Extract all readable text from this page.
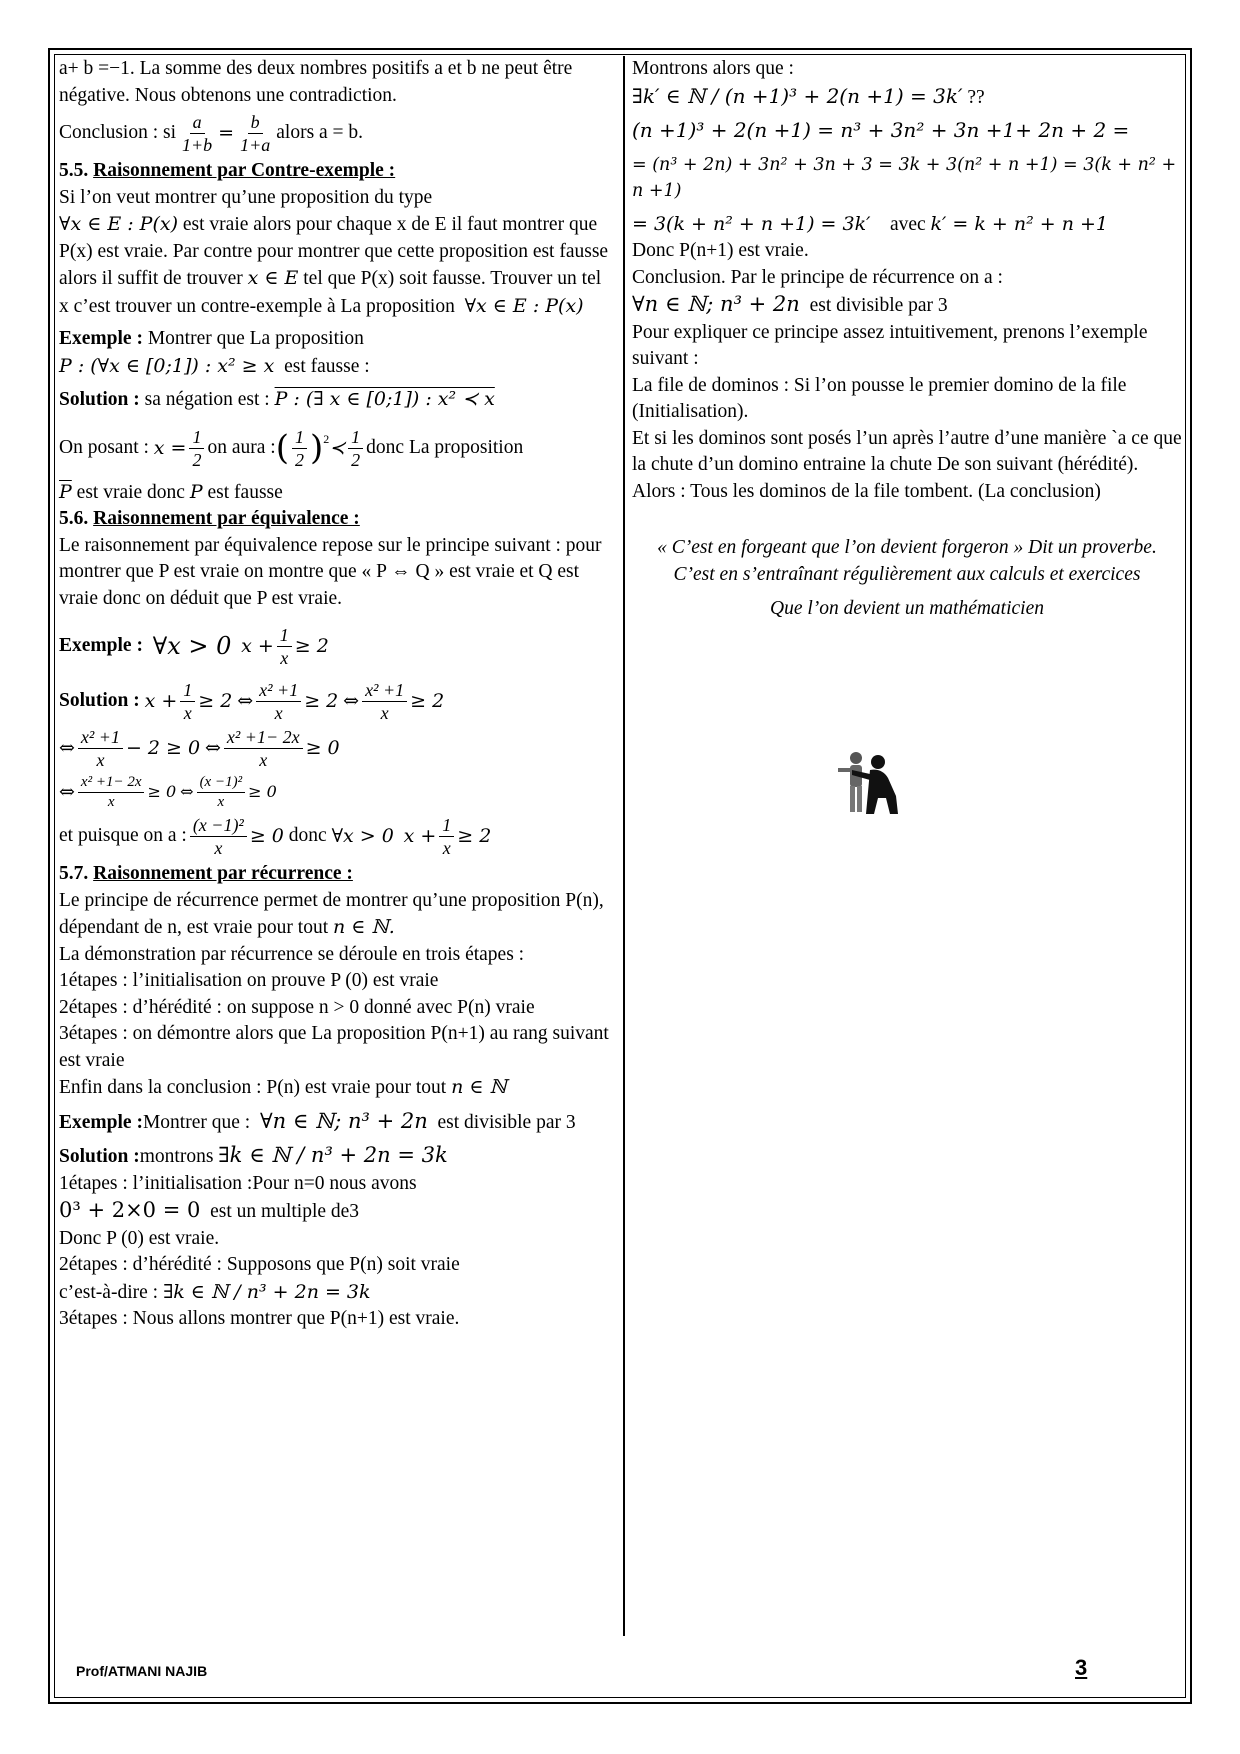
a+ b =−1. La somme des deux nombres positifs a et b ne peut être négative. Nous obtenons une contradiction.

Conclusion : si $\frac{a}{1+b} = \frac{b}{1+a}$ alors a = b.

5.5. Raisonnement par Contre-exemple :

Si l’on veut montrer qu’une proposition du type

∀x ∈ E : P(x) est vraie alors pour chaque x de E il faut montrer que P(x) est vraie. Par contre pour montrer que cette proposition est fausse alors il suffit de trouver x ∈ E tel que P(x) soit fausse. Trouver un tel x c’est trouver un contre-exemple à La proposition ∀x ∈ E : P(x)

Exemple : Montrer que La proposition

P : (∀x ∈ [0;1]) : x² ≥ x est fausse :

Solution : sa négation est : P : (∃ x ∈ [0;1]) : x² ≺ x

On posant :
$x = \frac{1}{2}$ on aura : ( $\frac{1}{2} )^2$ ≺ $\frac{1}{2}$ donc La proposition

$\overline{P}$ est vraie donc P est fausse

5.6. Raisonnement par équivalence :

Le raisonnement par équivalence repose sur le principe suivant : pour montrer que P est vraie on montre que « P ⇔ Q » est vraie et Q est vraie donc on déduit que P est vraie.

Exemple :
∀x > 0
$x + \frac{1}{x} \ge 2$
Solution :
$x + \frac{1}{x} \ge 2$
⇔ $\frac{\text{x² +1}}{x} \ge 2$
⇔ $\frac{\text{x² +1}}{x} \ge 2$
⇔ $\frac{\text{x² +1}}{x} - 2 \ge 0$
⇔ $\frac{\text{x² +1− 2x}}{x} \ge 0$
⇔ $\frac{\text{x² +1− 2x}}{x} \ge 0$
⇔ $\frac{\text{(x −1)²}}{x} \ge 0$
et puisque on a : $\frac{\text{(x −1)²}}{x} \ge 0$
donc
∀x > 0
$x + \frac{1}{x} \ge 2$

5.7. Raisonnement par récurrence :

Le principe de récurrence permet de montrer qu’une proposition P(n), dépendant de n, est vraie pour tout n ∈ ℕ.

La démonstration par récurrence se déroule en trois étapes :

1étapes : l’initialisation on prouve P (0) est vraie

2étapes : d’hérédité : on suppose n > 0 donné avec P(n) vraie

3étapes : on démontre alors que La proposition P(n+1) au rang suivant est vraie

Enfin dans la conclusion : P(n) est vraie pour tout n ∈ ℕ

Exemple :Montrer que : ∀n ∈ ℕ; n³ + 2n est divisible par 3

Solution :montrons ∃k ∈ ℕ / n³ + 2n = 3k

1étapes : l’initialisation :Pour n=0 nous avons

0³ + 2×0 = 0 est un multiple de3

Donc P (0) est vraie.

2étapes : d’hérédité : Supposons que P(n) soit vraie

c’est-à-dire : ∃k ∈ ℕ / n³ + 2n = 3k

3étapes : Nous allons montrer que P(n+1) est vraie.

Montrons alors que :

∃k′ ∈ ℕ / (n +1)³ + 2(n +1) = 3k′ ??

(n +1)³ + 2(n +1) = n³ + 3n² + 3n +1+ 2n + 2 =

= (n³ + 2n) + 3n² + 3n + 3 = 3k + 3(n² + n +1) = 3(k + n² + n +1)

= 3(k + n² + n +1) = 3k′ avec k′ = k + n² + n +1

Donc P(n+1) est vraie.

Conclusion. Par le principe de récurrence on a :

∀n ∈ ℕ; n³ + 2n est divisible par 3

Pour expliquer ce principe assez intuitivement, prenons l’exemple suivant :

La file de dominos : Si l’on pousse le premier domino de la file (Initialisation).

Et si les dominos sont posés l’un après l’autre d’une manière `a ce que la chute d’un domino entraine la chute De son suivant (hérédité).

Alors : Tous les dominos de la file tombent. (La conclusion)

« C’est en forgeant que l’on devient forgeron » Dit un proverbe.

C’est en s’entraînant régulièrement aux calculs et exercices

Que l’on devient un mathématicien

Prof/ATMANI NAJIB	3
